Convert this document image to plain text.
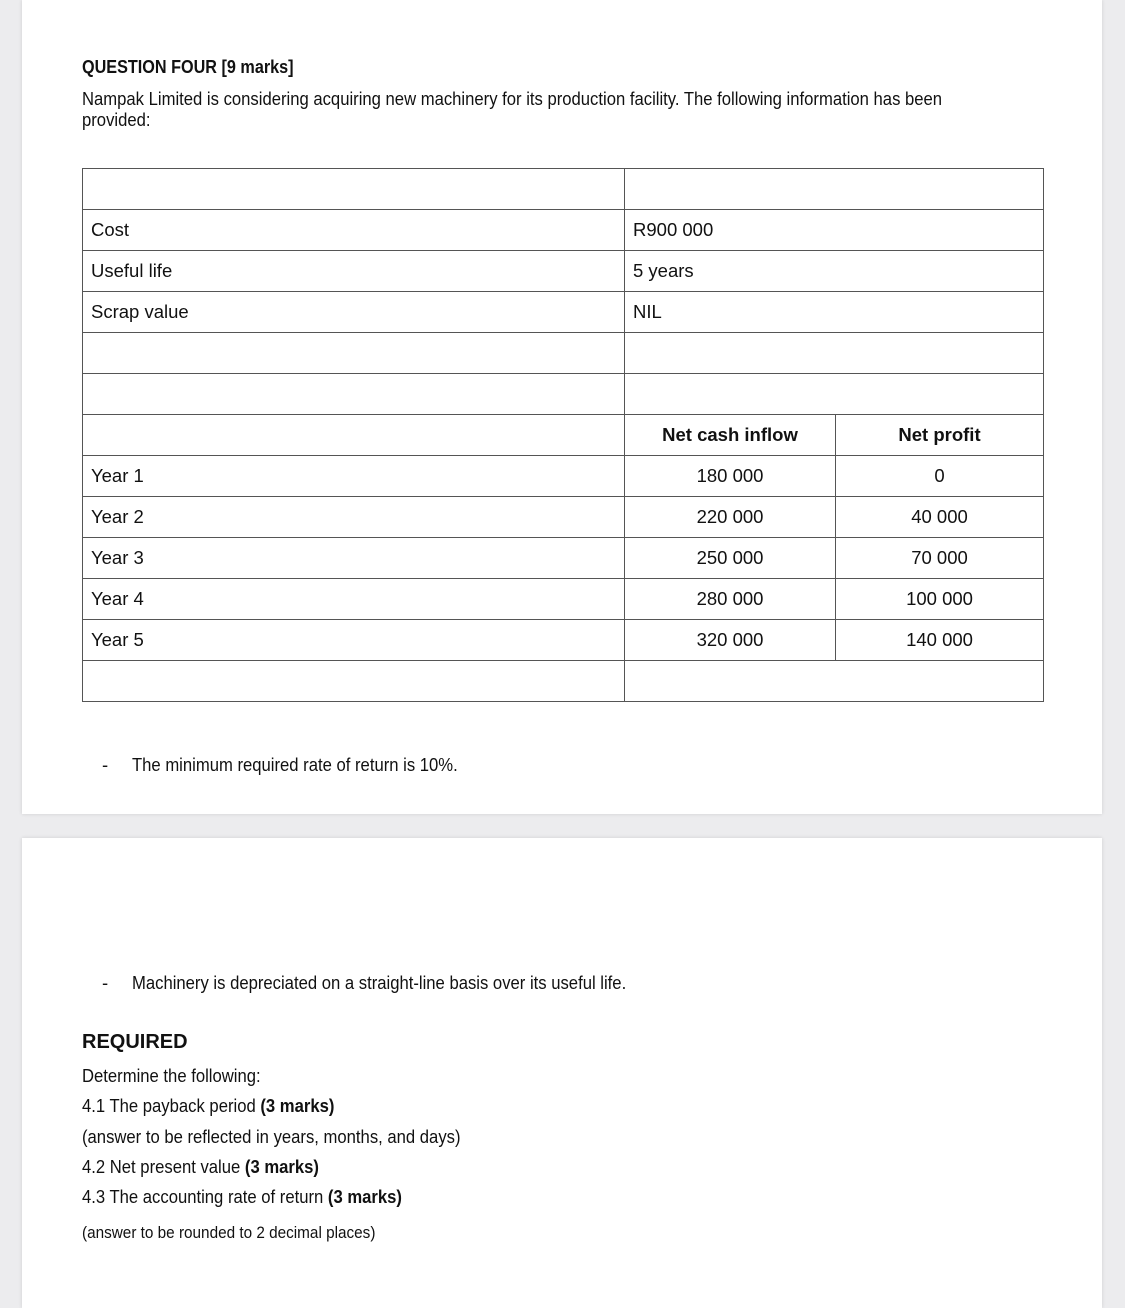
QUESTION FOUR [9 marks]
Nampak Limited is considering acquiring new machinery for its production facility. The following information has been provided:

Cost	R900 000	
Useful life	5 years	
Scrap value	NIL	

	Net cash inflow	Net profit
Year 1	180 000	0
Year 2	220 000	40 000
Year 3	250 000	70 000
Year 4	280 000	100 000
Year 5	320 000	140 000

- The minimum required rate of return is 10%.
- Machinery is depreciated on a straight-line basis over its useful life.
REQUIRED
Determine the following:
4.1 The payback period (3 marks)
(answer to be reflected in years, months, and days)
4.2 Net present value (3 marks)
4.3 The accounting rate of return (3 marks)
(answer to be rounded to 2 decimal places)
